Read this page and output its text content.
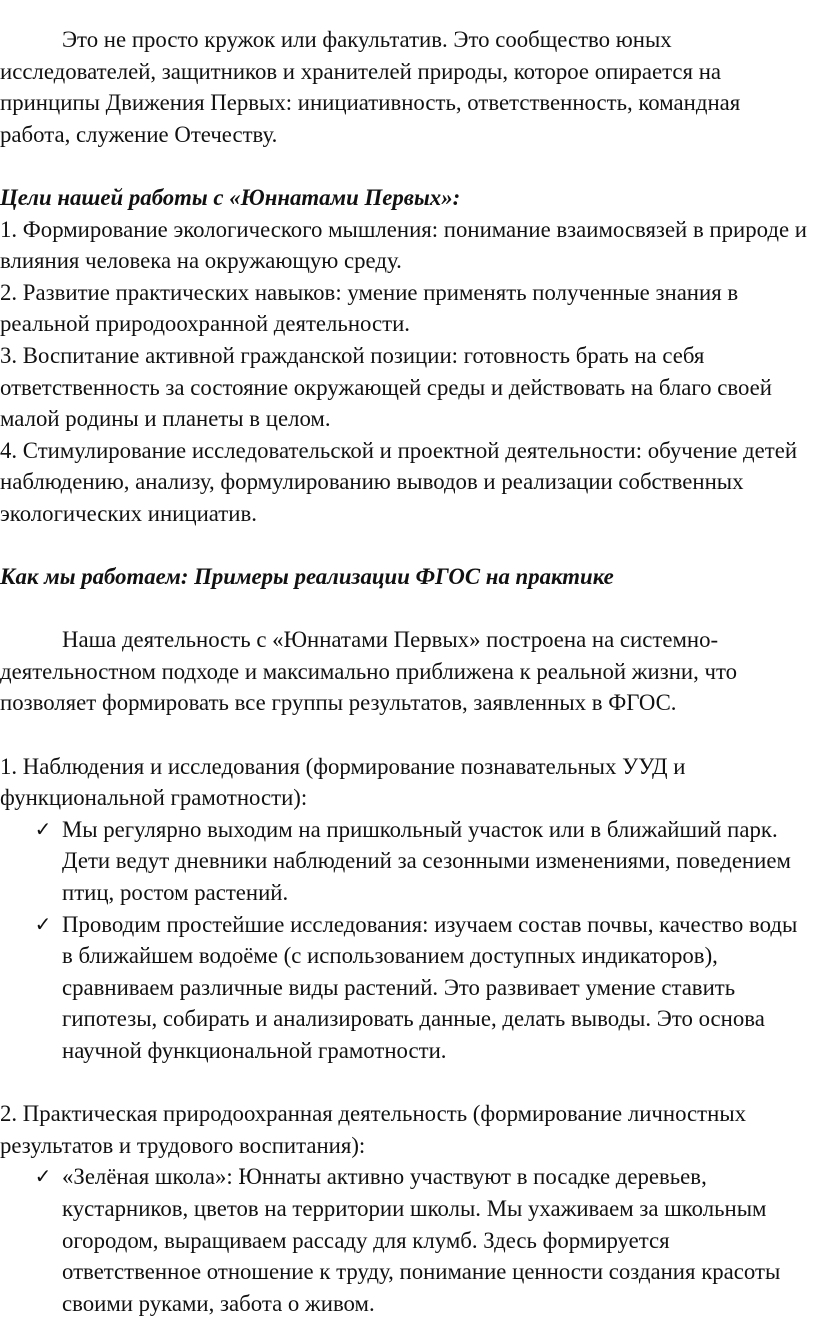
Это не просто кружок или факультатив. Это сообщество юных исследователей, защитников и хранителей природы, которое опирается на принципы Движения Первых: инициативность, ответственность, командная работа, служение Отечеству.

Цели нашей работы с «Юннатами Первых»:

1. Формирование экологического мышления: понимание взаимосвязей в природе и влияния человека на окружающую среду.

2. Развитие практических навыков: умение применять полученные знания в реальной природоохранной деятельности.

3. Воспитание активной гражданской позиции: готовность брать на себя ответственность за состояние окружающей среды и действовать на благо своей малой родины и планеты в целом.

4. Стимулирование исследовательской и проектной деятельности: обучение детей наблюдению, анализу, формулированию выводов и реализации собственных экологических инициатив.

Как мы работаем: Примеры реализации ФГОС на практике

Наша деятельность с «Юннатами Первых» построена на системно-деятельностном подходе и максимально приближена к реальной жизни, что позволяет формировать все группы результатов, заявленных в ФГОС.

1. Наблюдения и исследования (формирование познавательных УУД и функциональной грамотности):

✓ Мы регулярно выходим на пришкольный участок или в ближайший парк. Дети ведут дневники наблюдений за сезонными изменениями, поведением птиц, ростом растений.
✓ Проводим простейшие исследования: изучаем состав почвы, качество воды в ближайшем водоёме (с использованием доступных индикаторов), сравниваем различные виды растений. Это развивает умение ставить гипотезы, собирать и анализировать данные, делать выводы. Это основа научной функциональной грамотности.

2. Практическая природоохранная деятельность (формирование личностных результатов и трудового воспитания):

✓ «Зелёная школа»: Юннаты активно участвуют в посадке деревьев, кустарников, цветов на территории школы. Мы ухаживаем за школьным огородом, выращиваем рассаду для клумб. Здесь формируется ответственное отношение к труду, понимание ценности создания красоты своими руками, забота о живом.
